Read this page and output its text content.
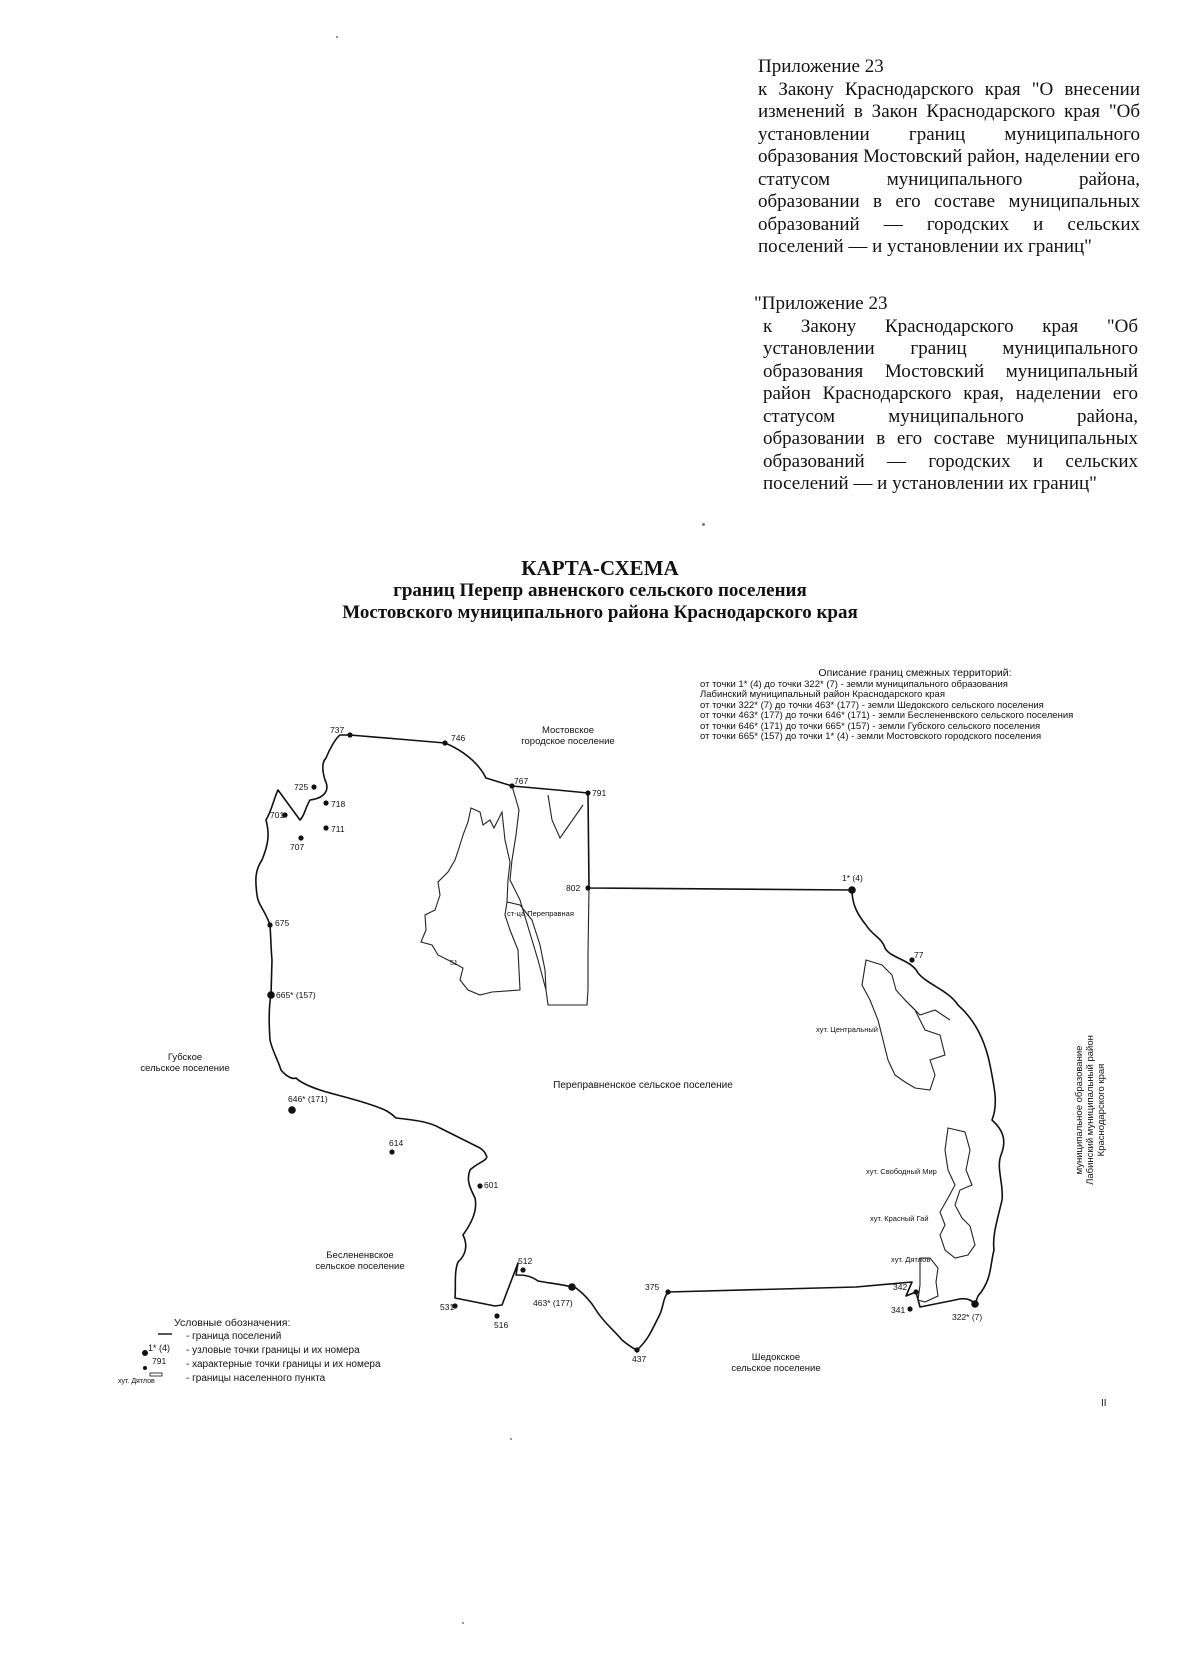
Приложение 23
к Закону Краснодарского края "О внесении изменений в Закон Краснодарского края "Об установлении границ муниципального образования Мостовский район, наделении его статусом муниципального района, образовании в его составе муниципальных образований — городских и сельских поселений — и установлении их границ"
"Приложение 23
к Закону Краснодарского края "Об установлении границ муниципального образования Мостовский муниципальный район Краснодарского края, наделении его статусом муниципального района, образовании в его составе муниципальных образований — городских и сельских поселений — и установлении их границ"
КАРТА-СХЕМА
границ Перепр авненского сельского поселения
Мостовского муниципального района Краснодарского края
Описание границ смежных территорий:
от точки 1* (4) до точки 322* (7) - земли муниципального образования
Лабинский муниципальный район Краснодарского края
от точки 322* (7) до точки 463* (177) - земли Шедокского сельского поселения
от точки 463* (177) до точки 646* (171) - земли Беслененвского сельского поселения
от точки 646* (171) до точки 665* (157) - земли Губского сельского поселения
от точки 665* (157) до точки 1* (4) - земли Мостовского городского поселения
737
746
725
718
701
711
707
767
791
802
1* (4)
77
675
665* (157)
646* (171)
614
601
512
531
516
463* (177)
437
375	342
341
322* (7)
51
ст-ца Переправная
хут. Центральный
хут. Свободный Мир
хут. Красный Гай
хут. Дятлов
Переправненское сельское поселение
Мостовское
городское поселение
Губское
сельское поселение
Беслененвское
сельское поселение
Шедокское
сельское поселение
муниципальное образование Лабинский муниципальный район Краснодарского края
Условные обозначения:
- граница поселений
1* (4) - узловые точки границы и их номера
791 - характерные точки границы и их номера
хут. Дятлов	- границы населенного пункта
II
